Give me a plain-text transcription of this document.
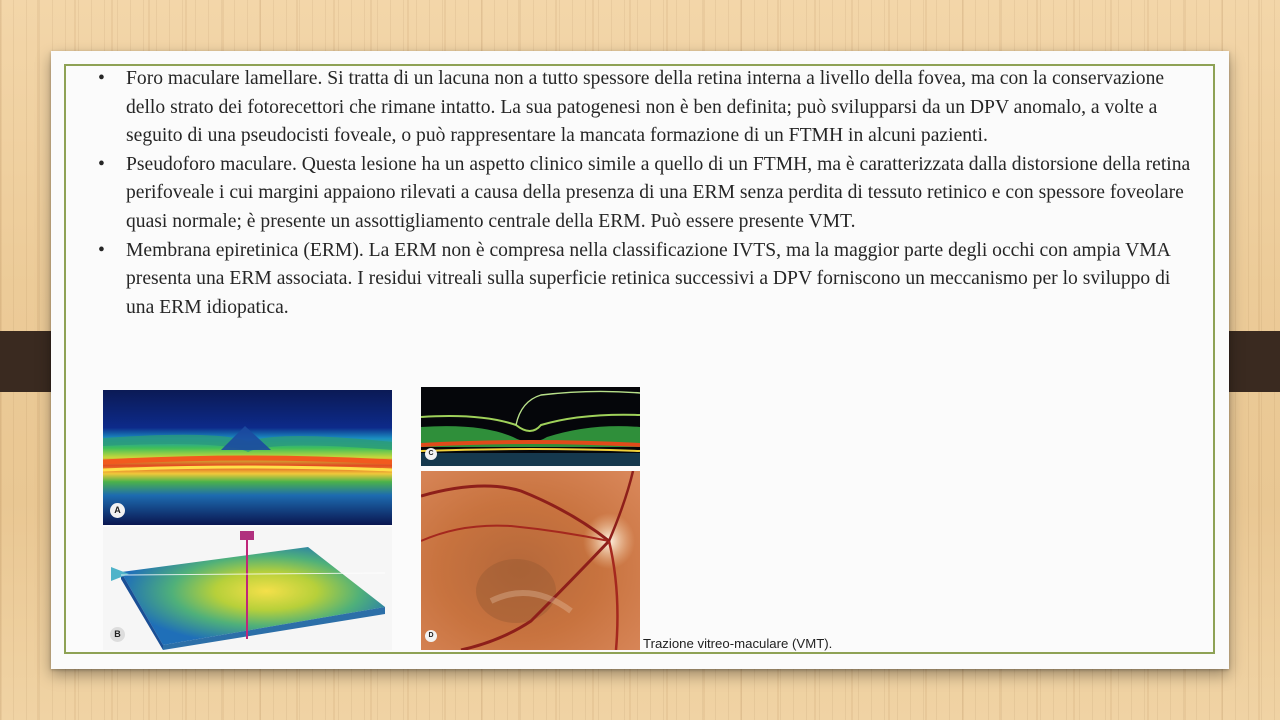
• Foro maculare lamellare. Si tratta di un lacuna non a tutto spessore della retina interna a livello della fovea, ma con la conservazione dello strato dei fotorecettori che rimane intatto. La sua patogenesi non è ben definita; può svilupparsi da un DPV anomalo, a volte a seguito di una pseudocisti foveale, o può rappresentare la mancata formazione di un FTMH in alcuni pazienti.
• Pseudoforo maculare. Questa lesione ha un aspetto clinico simile a quello di un FTMH, ma è caratterizzata dalla distorsione della retina perifoveale i cui margini appaiono rilevati a causa della presenza di una ERM senza perdita di tessuto retinico e con spessore foveolare quasi normale; è presente un assottigliamento centrale della ERM. Può essere presente VMT.
• Membrana epiretinica (ERM). La ERM non è compresa nella classificazione IVTS, ma la maggior parte degli occhi con ampia VMA presenta una ERM associata. I residui vitreali sulla superficie retinica successivi a DPV forniscono un meccanismo per lo sviluppo di una ERM idiopatica.
A
B
C
D
Trazione vitreo-maculare (VMT).
